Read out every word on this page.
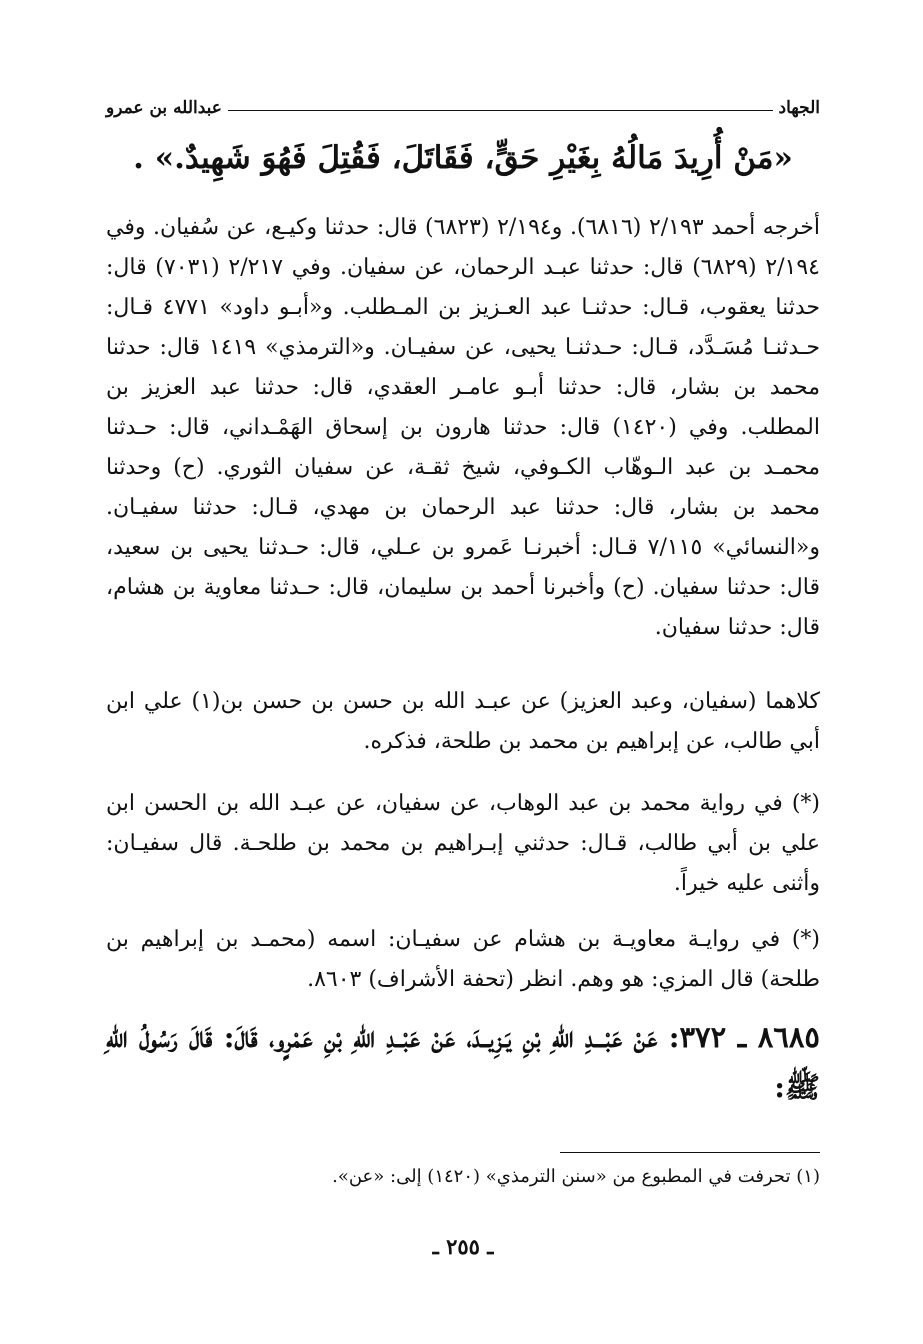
الجهاد
عبدالله بن عمرو
«مَنْ أُرِيدَ مَالُهُ بِغَيْرِ حَقٍّ، فَقَاتَلَ، فَقُتِلَ فَهُوَ شَهِيدٌ.» .
أخرجه أحمد ٢/١٩٣ (٦٨١٦). و٢/١٩٤ (٦٨٢٣) قال: حدثنا وكيـع، عن سُفيان. وفي ٢/١٩٤ (٦٨٢٩) قال: حدثنا عبـد الرحمان، عن سفيان. وفي ٢/٢١٧ (٧٠٣١) قال: حدثنا يعقوب، قـال: حدثنـا عبد العـزيز بن المـطلب. و«أبـو داود» ٤٧٧١ قـال: حـدثنـا مُسَـدَّد، قـال: حـدثنـا يحيى، عن سفيـان. و«الترمذي» ١٤١٩ قال: حدثنا محمد بن بشار، قال: حدثنا أبـو عامـر العقدي، قال: حدثنا عبد العزيز بن المطلب. وفي (١٤٢٠) قال: حدثنا هارون بن إسحاق الهَمْـداني، قال: حـدثنا محمـد بن عبد الـوهّاب الكـوفي، شيخ ثقـة، عن سفيان الثوري. (ح) وحدثنا محمد بن بشار، قال: حدثنا عبد الرحمان بن مهدي، قـال: حدثنا سفيـان. و«النسائي» ٧/١١٥ قـال: أخبرنـا عَمرو بن عـلي، قال: حـدثنا يحيى بن سعيد، قال: حدثنا سفيان. (ح) وأخبرنا أحمد بن سليمان، قال: حـدثنا معاوية بن هشام، قال: حدثنا سفيان.
كلاهما (سفيان، وعبد العزيز) عن عبـد الله بن حسن بن حسن بن(١) علي ابن أبي طالب، عن إبراهيم بن محمد بن طلحة، فذكره.
(*) في رواية محمد بن عبد الوهاب، عن سفيان، عن عبـد الله بن الحسن ابن علي بن أبي طالب، قـال: حدثني إبـراهيم بن محمد بن طلحـة. قال سفيـان: وأثنى عليه خيراً.
(*) في روايـة معاويـة بن هشام عن سفيـان: اسمه (محمـد بن إبراهيم بن طلحة) قال المزي: هو وهم. انظر (تحفة الأشراف) ٨٦٠٣.
٨٦٨٥ ـ ٣٧٢: عَنْ عَبْـــدِ اللهِ بْنِ يَـزِيــدَ، عَنْ عَبْــدِ اللهِ بْنِ عَمْرٍو، قَالَ: قَالَ رَسُولُ اللهِ ﷺ:
(١) تحرفت في المطبوع من «سنن الترمذي» (١٤٢٠) إلى: «عن».
ـ ٢٥٥ ـ
